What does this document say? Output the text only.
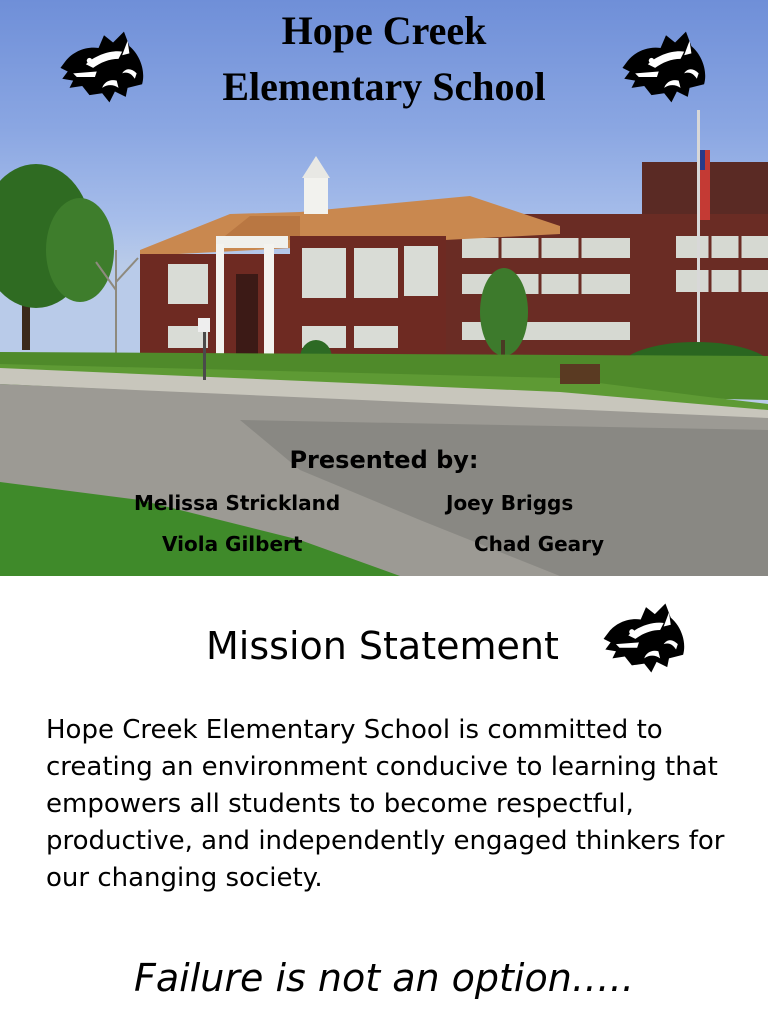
Hope Creek
Elementary School
Presented by:
Melissa Strickland	Joey Briggs
Viola Gilbert	Chad Geary
Mission Statement
Hope Creek Elementary School is committed to creating an environment conducive to learning that empowers all students to become respectful, productive, and independently engaged thinkers for our changing society.
Failure is not an option…..
